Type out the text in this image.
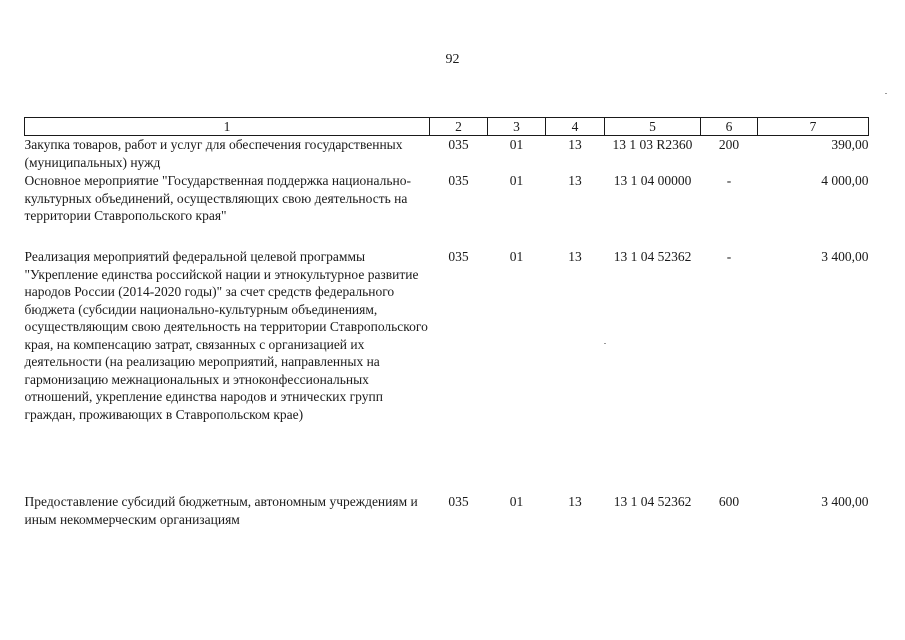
92
1	2	3	4	5	6	7
Закупка товаров, работ и услуг для обеспечения государственных (муниципальных) нужд	035	01	13	13 1 03 R2360	200	390,00
Основное мероприятие "Государственная поддержка национально-культурных объединений, осуществляющих свою деятельность на территории Ставропольского края"	035	01	13	13 1 04 00000	-	4 000,00
Реализация мероприятий федеральной целевой программы "Укрепление единства российской нации и этнокультурное развитие народов России (2014-2020 годы)" за счет средств федерального бюджета (субсидии национально-культурным объединениям, осуществляющим свою деятельность на территории Ставропольского края, на компенсацию затрат, связанных с организацией их деятельности (на реализацию мероприятий, направленных на гармонизацию межнациональных и этноконфессиональных отношений, укрепление единства народов и этнических групп граждан, проживающих в Ставропольском крае)	035	01	13	13 1 04 52362	-	3 400,00
Предоставление субсидий бюджетным, автономным учреждениям и иным некоммерческим организациям	035	01	13	13 1 04 52362	600	3 400,00
